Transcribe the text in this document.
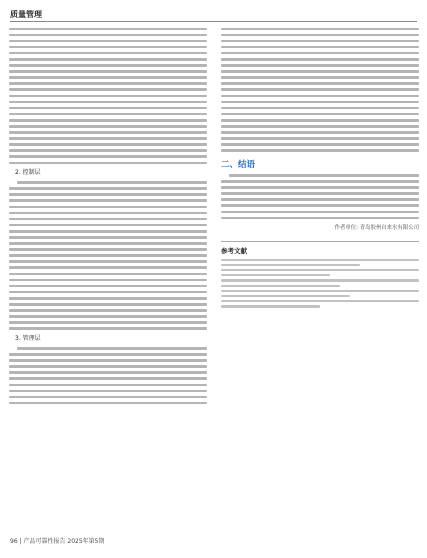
质量管理
2. 控制层
3. 管理层
二、结语
作者单位: 青岛胶州自来水有限公司
参考文献
96 | 产品可靠性报告 2025年第5期
